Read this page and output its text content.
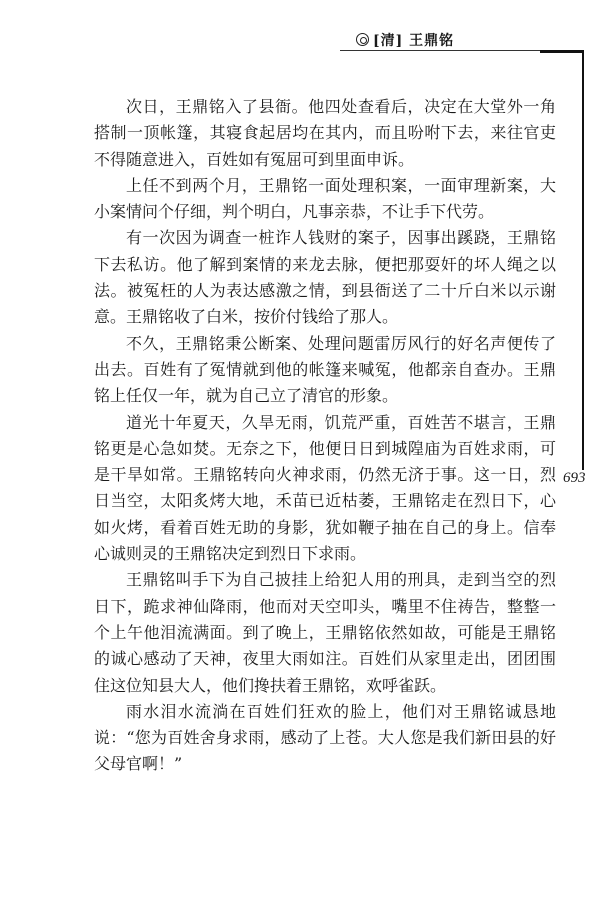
[清] 王鼎铭
693

次日，王鼎铭入了县衙。他四处查看后，决定在大堂外一角搭制一顶帐篷，其寝食起居均在其内，而且吩咐下去，来往官吏不得随意进入，百姓如有冤屈可到里面申诉。

上任不到两个月，王鼎铭一面处理积案，一面审理新案，大小案情问个仔细，判个明白，凡事亲恭，不让手下代劳。

有一次因为调查一桩诈人钱财的案子，因事出蹊跷，王鼎铭下去私访。他了解到案情的来龙去脉，便把那耍奸的坏人绳之以法。被冤枉的人为表达感激之情，到县衙送了二十斤白米以示谢意。王鼎铭收了白米，按价付钱给了那人。

不久，王鼎铭秉公断案、处理问题雷厉风行的好名声便传了出去。百姓有了冤情就到他的帐篷来喊冤，他都亲自查办。王鼎铭上任仅一年，就为自己立了清官的形象。

道光十年夏天，久旱无雨，饥荒严重，百姓苦不堪言，王鼎铭更是心急如焚。无奈之下，他便日日到城隍庙为百姓求雨，可是干旱如常。王鼎铭转向火神求雨，仍然无济于事。这一日，烈日当空，太阳炙烤大地，禾苗已近枯萎，王鼎铭走在烈日下，心如火烤，看着百姓无助的身影，犹如鞭子抽在自己的身上。信奉心诚则灵的王鼎铭决定到烈日下求雨。

王鼎铭叫手下为自己披挂上给犯人用的刑具，走到当空的烈日下，跪求神仙降雨，他而对天空叩头，嘴里不住祷告，整整一个上午他泪流满面。到了晚上，王鼎铭依然如故，可能是王鼎铭的诚心感动了天神，夜里大雨如注。百姓们从家里走出，团团围住这位知县大人，他们搀扶着王鼎铭，欢呼雀跃。

雨水泪水流淌在百姓们狂欢的脸上，他们对王鼎铭诚恳地说：“您为百姓舍身求雨，感动了上苍。大人您是我们新田县的好父母官啊！”
